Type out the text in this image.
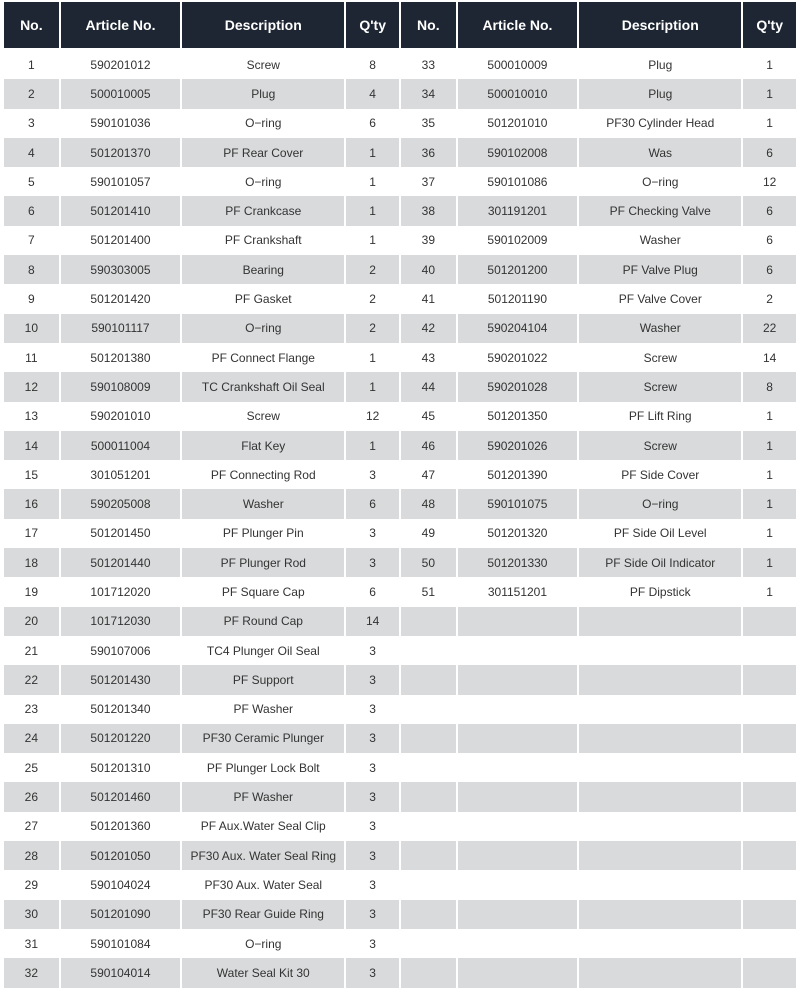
No.	Article No.	Description	Q'ty	No.	Article No.	Description	Q'ty
1	590201012	Screw	8	33	500010009	Plug	1
2	500010005	Plug	4	34	500010010	Plug	1
3	590101036	O−ring	6	35	501201010	PF30 Cylinder Head	1
4	501201370	PF Rear Cover	1	36	590102008	Was	6
5	590101057	O−ring	1	37	590101086	O−ring	12
6	501201410	PF Crankcase	1	38	301191201	PF Checking Valve	6
7	501201400	PF Crankshaft	1	39	590102009	Washer	6
8	590303005	Bearing	2	40	501201200	PF Valve Plug	6
9	501201420	PF Gasket	2	41	501201190	PF Valve Cover	2
10	590101117	O−ring	2	42	590204104	Washer	22
11	501201380	PF Connect Flange	1	43	590201022	Screw	14
12	590108009	TC Crankshaft Oil Seal	1	44	590201028	Screw	8
13	590201010	Screw	12	45	501201350	PF Lift Ring	1
14	500011004	Flat Key	1	46	590201026	Screw	1
15	301051201	PF Connecting Rod	3	47	501201390	PF Side Cover	1
16	590205008	Washer	6	48	590101075	O−ring	1
17	501201450	PF Plunger Pin	3	49	501201320	PF Side Oil Level	1
18	501201440	PF Plunger Rod	3	50	501201330	PF Side Oil Indicator	1
19	101712020	PF Square Cap	6	51	301151201	PF Dipstick	1
20	101712030	PF Round Cap	14				
21	590107006	TC4 Plunger Oil Seal	3				
22	501201430	PF Support	3				
23	501201340	PF Washer	3				
24	501201220	PF30 Ceramic Plunger	3				
25	501201310	PF Plunger Lock Bolt	3				
26	501201460	PF Washer	3				
27	501201360	PF Aux.Water Seal Clip	3				
28	501201050	PF30 Aux. Water Seal Ring	3				
29	590104024	PF30 Aux. Water Seal	3				
30	501201090	PF30 Rear Guide Ring	3				
31	590101084	O−ring	3				
32	590104014	Water Seal Kit 30	3				
